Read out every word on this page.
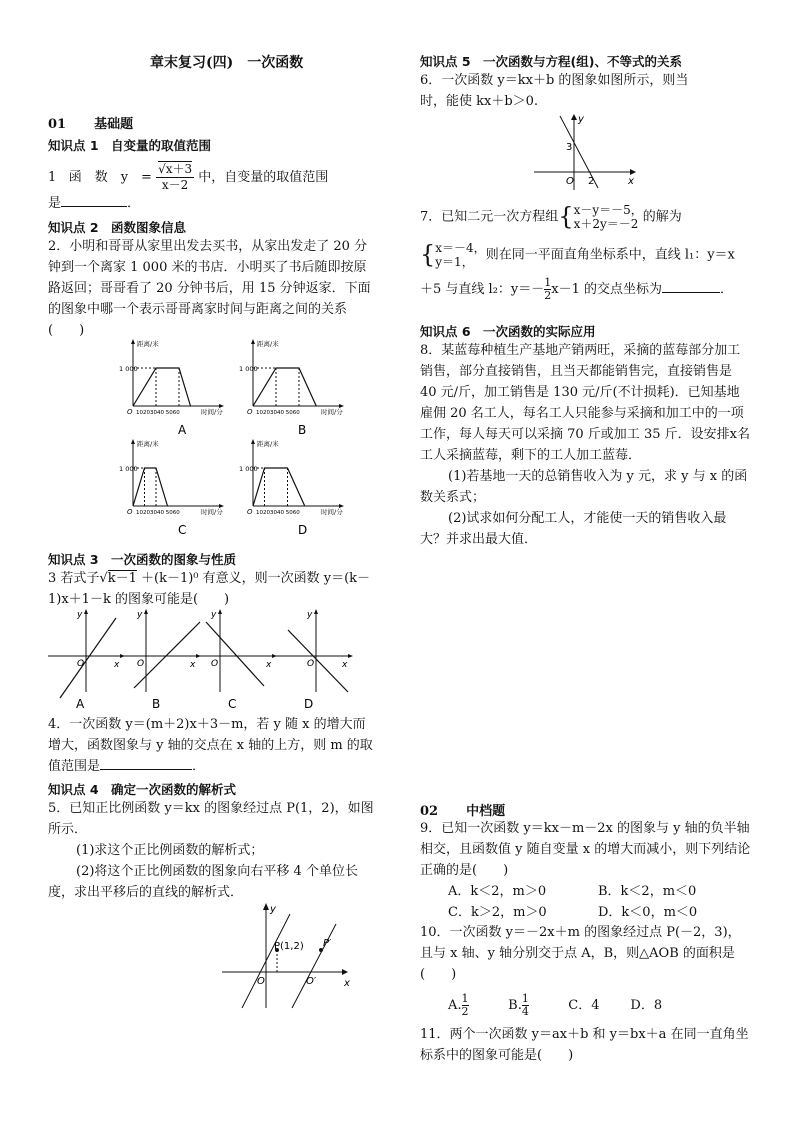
章末复习(四)　一次函数
01 基础题
知识点 1　自变量的取值范围
1 函　数　y　= $\frac{√x+3}{x-2}$ 中，自变量的取值范围
是	．
知识点 2　函数图象信息
2．小明和哥哥从家里出发去买书，从家出发走了 20 分钟到一个离家 1 000 米的书店．小明买了书后随即按原路返回；哥哥看了 20 分钟书后，用 15 分钟返家．下面的图象中哪一个表示哥哥离家时间与距离之间的关系(　　)
1 000
距离/米
O 10203040 5060	时间/分
A
1 000
距离/米
O 10203040 5060	时间/分
B
1 000
距离/米
O 10203040 5060	时间/分
C
1 000
距离/米
O 10203040 5060	时间/分
D
知识点 3　一次函数的图象与性质
3 若式子√k－1 ＋(k－1)⁰ 有意义，则一次函数 y＝(k－1)x＋1－k 的图象可能是(　　)
O	x
y
A
O	x
y
B
O	x
y
C
O	x
y
D
4．一次函数 y＝(m＋2)x＋3－m，若 y 随 x 的增大而增大，函数图象与 y 轴的交点在 x 轴的上方，则 m 的取值范围是	．
知识点 4　确定一次函数的解析式
5．已知正比例函数 y＝kx 的图象经过点 P(1，2)，如图所示．
(1)求这个正比例函数的解析式；
(2)将这个正比例函数的图象向右平移 4 个单位长度，求出平移后的直线的解析式．
P(1,2) P′
O	O′	x
y
知识点 5　一次函数与方程(组)、不等式的关系
6．一次函数 y＝kx＋b 的图象如图所示，则当
时，能使 kx＋b＞0.
3
2
O	x
y
7．已知二元一次方程组{ x－y＝－5，
x＋2y＝－2 的解为
{ x＝－4，
y＝1， 则在同一平面直角坐标系中，直线 l₁：y＝x
＋5 与直线 l₂：$y=- \frac{1}{2} x-1$ 的交点坐标为	．
知识点 6　一次函数的实际应用
8．某蓝莓种植生产基地产销两旺，采摘的蓝莓部分加工销售，部分直接销售，且当天都能销售完，直接销售是 40 元/斤，加工销售是 130 元/斤(不计损耗)．已知基地雇佣 20 名工人，每名工人只能参与采摘和加工中的一项工作，每人每天可以采摘 70 斤或加工 35 斤．设安排x名工人采摘蓝莓，剩下的工人加工蓝莓．
(1)若基地一天的总销售收入为 y 元，求 y 与 x 的函数关系式；
(2)试求如何分配工人，才能使一天的销售收入最大？并求出最大值．
02 中档题
9．已知一次函数 y＝kx－m－2x 的图象与 y 轴的负半轴相交，且函数值 y 随自变量 x 的增大而减小，则下列结论正确的是(　　)
A．k＜2，m＞0	B．k＜2，m＜0
C．k＞2，m＞0	D．k＜0，m＜0
10．一次函数 y＝－2x＋m 的图象经过点 P(－2，3)，且与 x 轴、y 轴分别交于点 A，B，则△AOB 的面积是(　　)
A. $\frac{1}{2}$	B. $\frac{1}{4}$	C．4 D．8
11．两个一次函数 y＝ax＋b 和 y＝bx＋a 在同一直角坐标系中的图象可能是(　　)
